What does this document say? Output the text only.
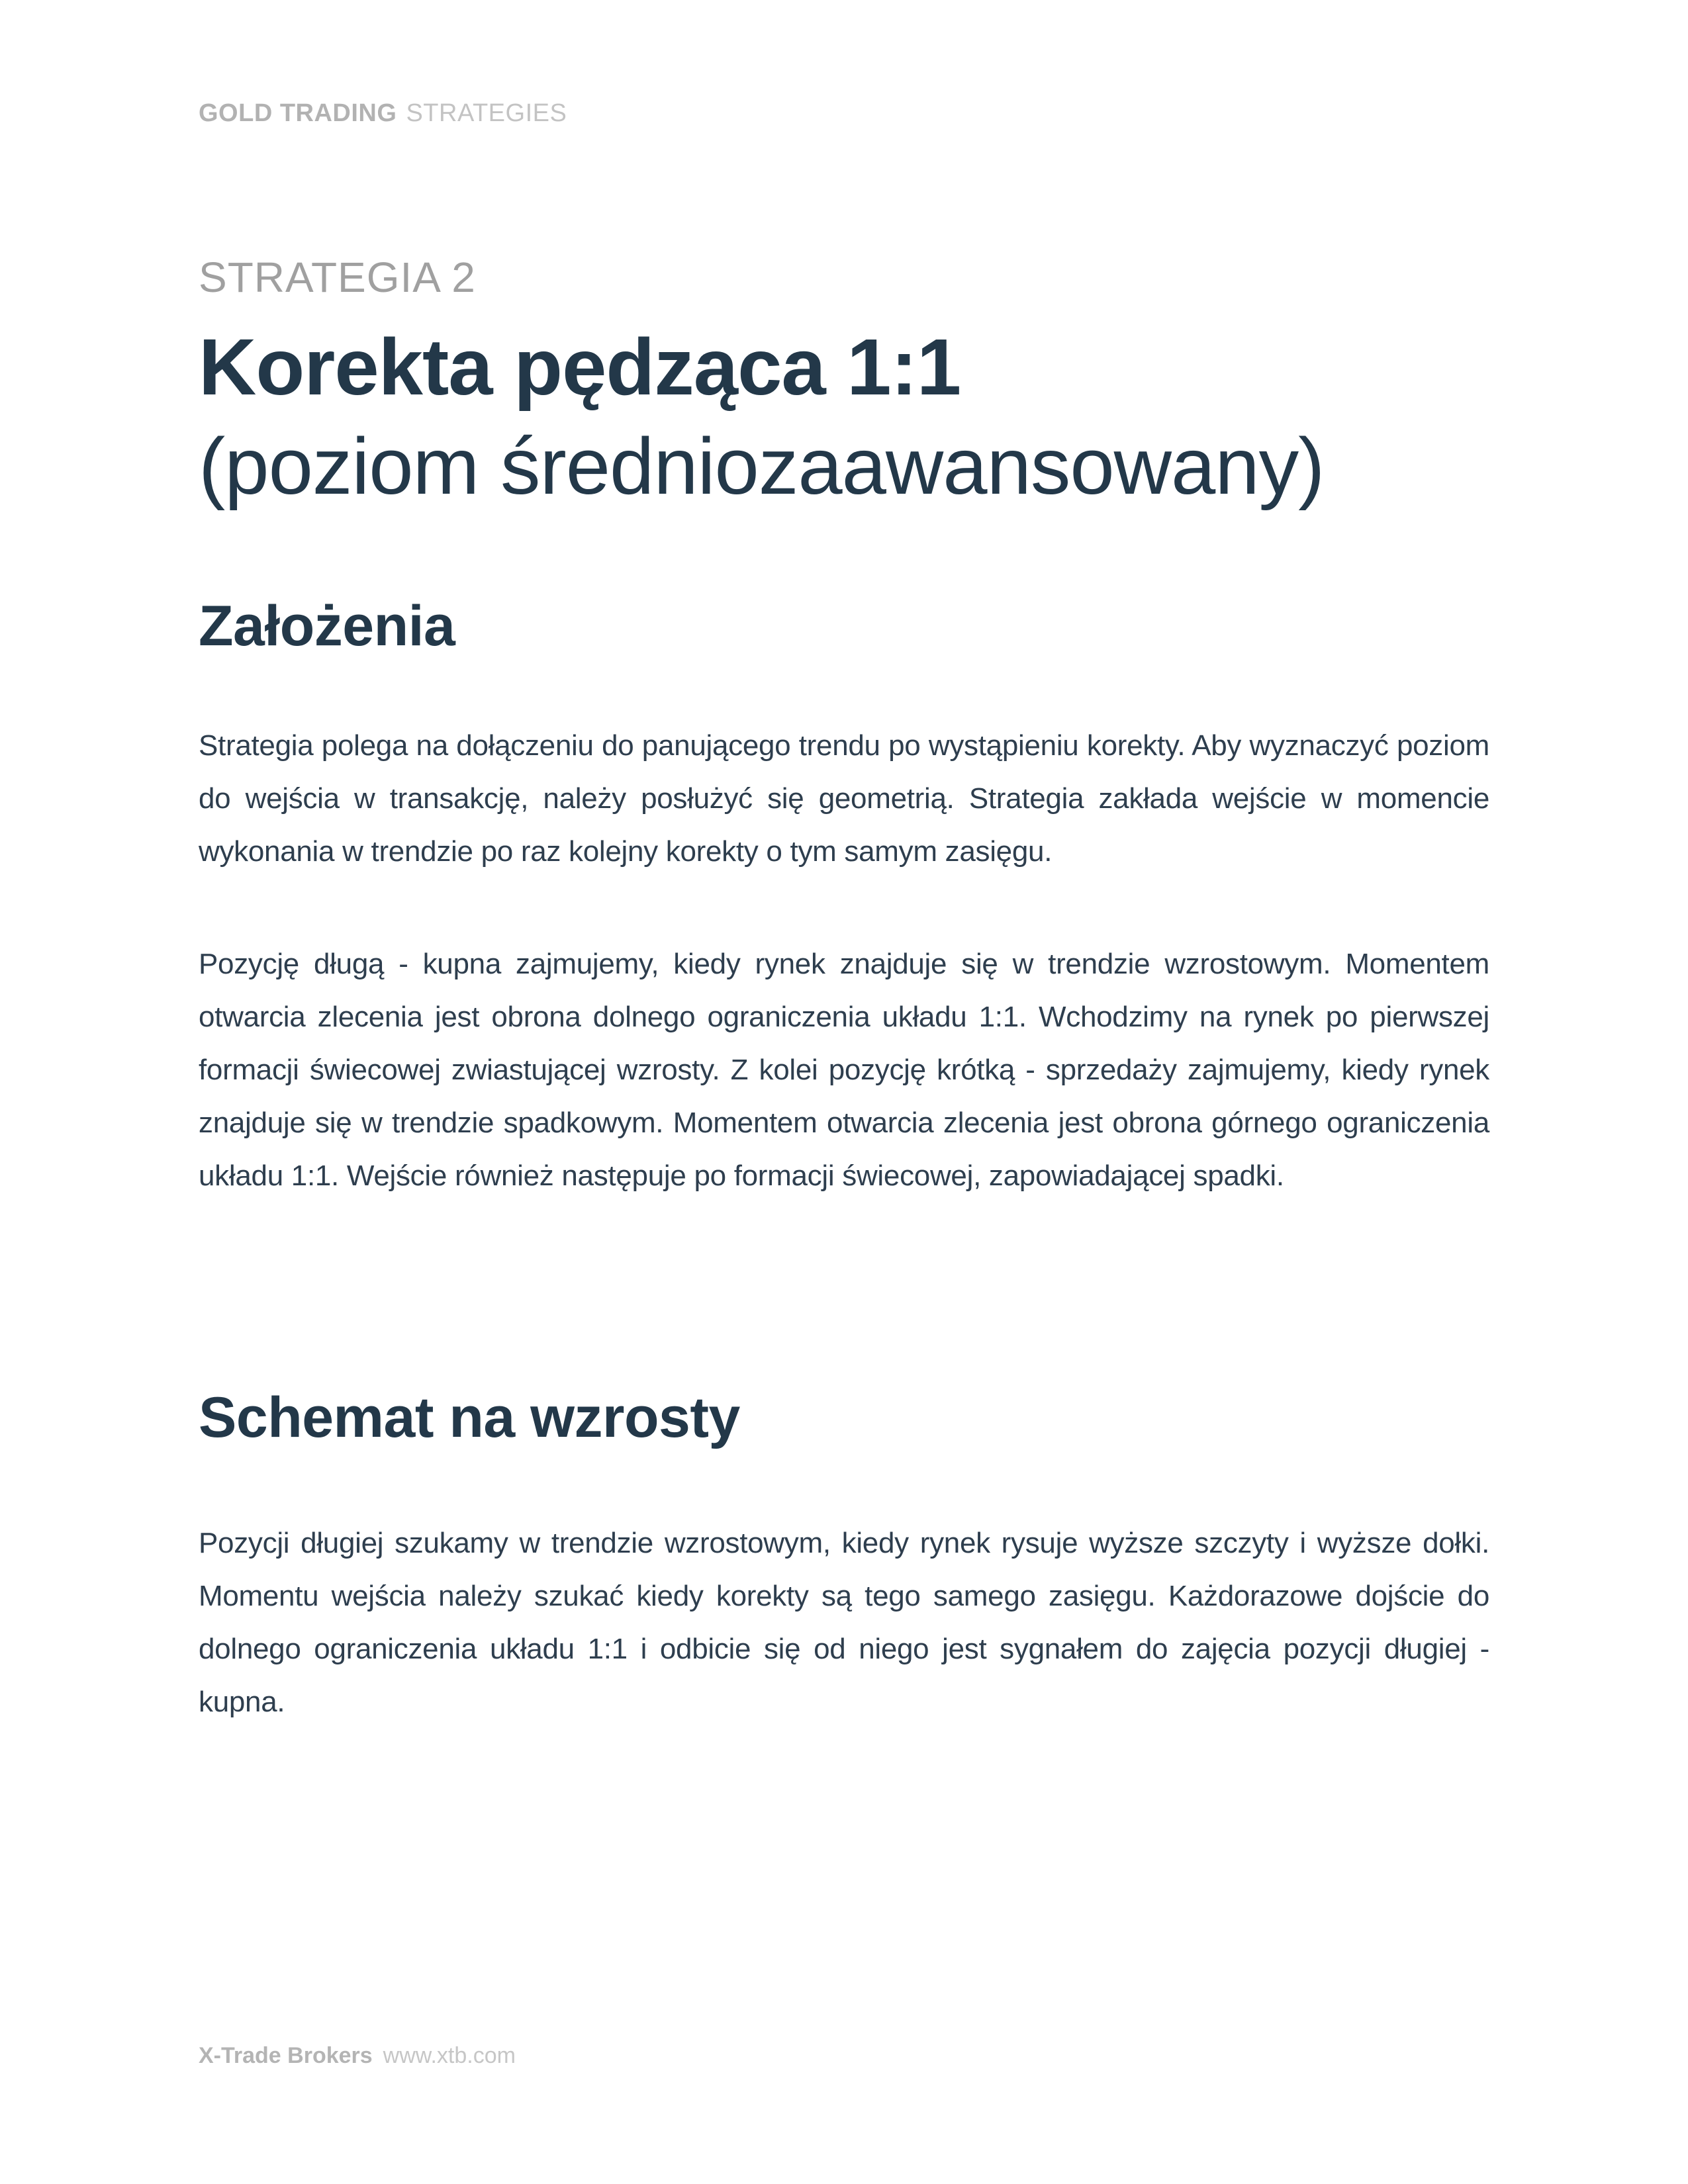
GOLD TRADING STRATEGIES
STRATEGIA 2
Korekta pędząca 1:1
(poziom średniozaawansowany)
Założenia

Strategia polega na dołączeniu do panującego trendu po wystąpieniu korekty. Aby wyznaczyć poziom do wejścia w transakcję, należy posłużyć się geometrią. Strategia zakłada wejście w momencie wykonania w trendzie po raz kolejny korekty o tym samym zasięgu.

Pozycję długą - kupna zajmujemy, kiedy rynek znajduje się w trendzie wzrostowym. Momentem otwarcia zlecenia jest obrona dolnego ograniczenia układu 1:1. Wchodzimy na rynek po pierwszej formacji świecowej zwiastującej wzrosty. Z kolei pozycję krótką - sprzedaży zajmujemy, kiedy rynek znajduje się w trendzie spadkowym. Momentem otwarcia zlecenia jest obrona górnego ograniczenia układu 1:1. Wejście również następuje po formacji świecowej, zapowiadającej spadki.

Schemat na wzrosty

Pozycji długiej szukamy w trendzie wzrostowym, kiedy rynek rysuje wyższe szczyty i wyższe dołki. Momentu wejścia należy szukać kiedy korekty są tego samego zasięgu. Każdorazowe dojście do dolnego ograniczenia układu 1:1 i odbicie się od niego jest sygnałem do zajęcia pozycji długiej - kupna.

X-Trade Brokers www.xtb.com
